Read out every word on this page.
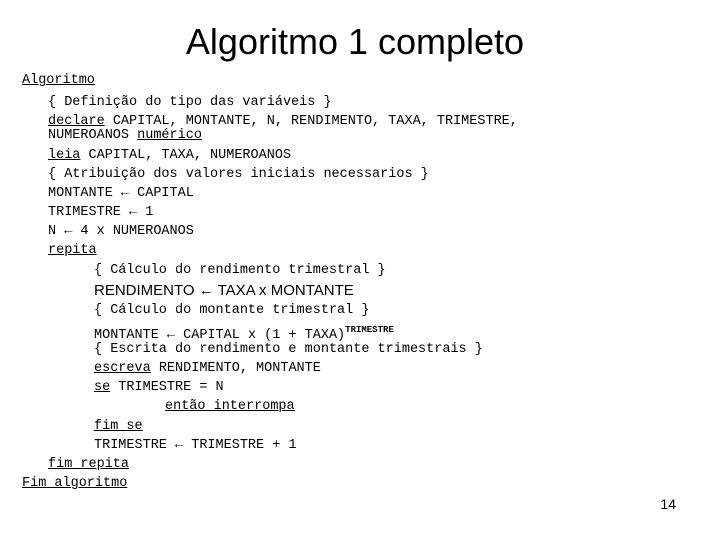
Algoritmo 1 completo
Algoritmo
{ Definição do tipo das variáveis }
declare CAPITAL, MONTANTE, N, RENDIMENTO, TAXA, TRIMESTRE,
NUMEROANOS numérico
leia CAPITAL, TAXA, NUMEROANOS
{ Atribuição dos valores iniciais necessarios }
MONTANTE ← CAPITAL
TRIMESTRE ← 1
N ← 4 x NUMEROANOS
repita
{ Cálculo do rendimento trimestral }
RENDIMENTO ← TAXA x MONTANTE
{ Cálculo do montante trimestral }
MONTANTE ← CAPITAL x (1 + TAXA)$^{TRIMESTRE}$
{ Escrita do rendimento e montante trimestrais }
escreva RENDIMENTO, MONTANTE
se TRIMESTRE = N
então interrompa
fim se
TRIMESTRE ← TRIMESTRE + 1
fim repita
Fim algoritmo
14
